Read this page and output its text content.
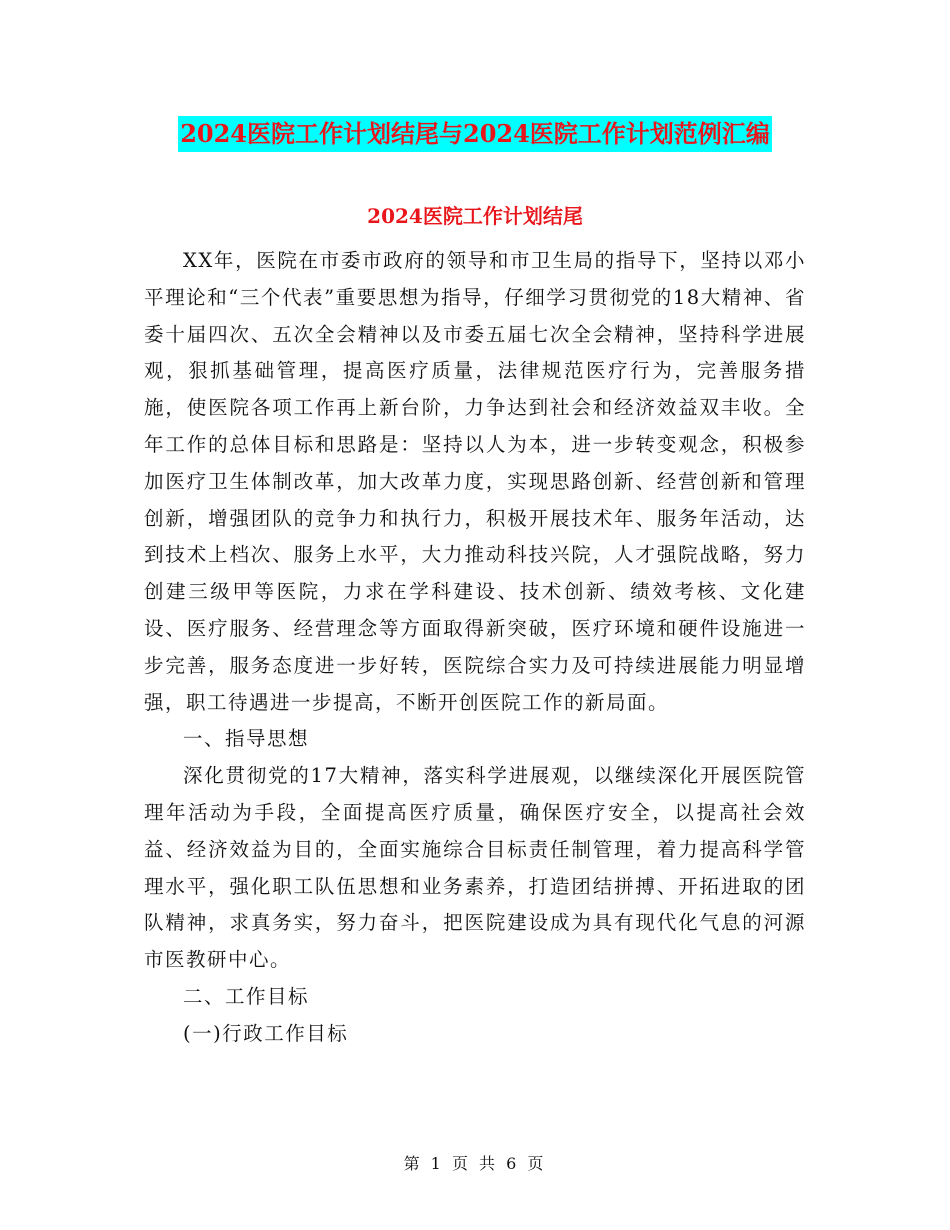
2024医院工作计划结尾与2024医院工作计划范例汇编
2024医院工作计划结尾

XX年，医院在市委市政府的领导和市卫生局的指导下，坚持以邓小平理论和“三个代表”重要思想为指导，仔细学习贯彻党的18大精神、省委十届四次、五次全会精神以及市委五届七次全会精神，坚持科学进展观，狠抓基础管理，提高医疗质量，法律规范医疗行为，完善服务措施，使医院各项工作再上新台阶，力争达到社会和经济效益双丰收。全年工作的总体目标和思路是：坚持以人为本，进一步转变观念，积极参加医疗卫生体制改革，加大改革力度，实现思路创新、经营创新和管理创新，增强团队的竞争力和执行力，积极开展技术年、服务年活动，达到技术上档次、服务上水平，大力推动科技兴院，人才强院战略，努力创建三级甲等医院，力求在学科建设、技术创新、绩效考核、文化建设、医疗服务、经营理念等方面取得新突破，医疗环境和硬件设施进一步完善，服务态度进一步好转，医院综合实力及可持续进展能力明显增强，职工待遇进一步提高，不断开创医院工作的新局面。

一、指导思想

深化贯彻党的17大精神，落实科学进展观，以继续深化开展医院管理年活动为手段，全面提高医疗质量，确保医疗安全，以提高社会效益、经济效益为目的，全面实施综合目标责任制管理，着力提高科学管理水平，强化职工队伍思想和业务素养，打造团结拼搏、开拓进取的团队精神，求真务实，努力奋斗，把医院建设成为具有现代化气息的河源市医教研中心。

二、工作目标

(一)行政工作目标

第 1 页 共 6 页
